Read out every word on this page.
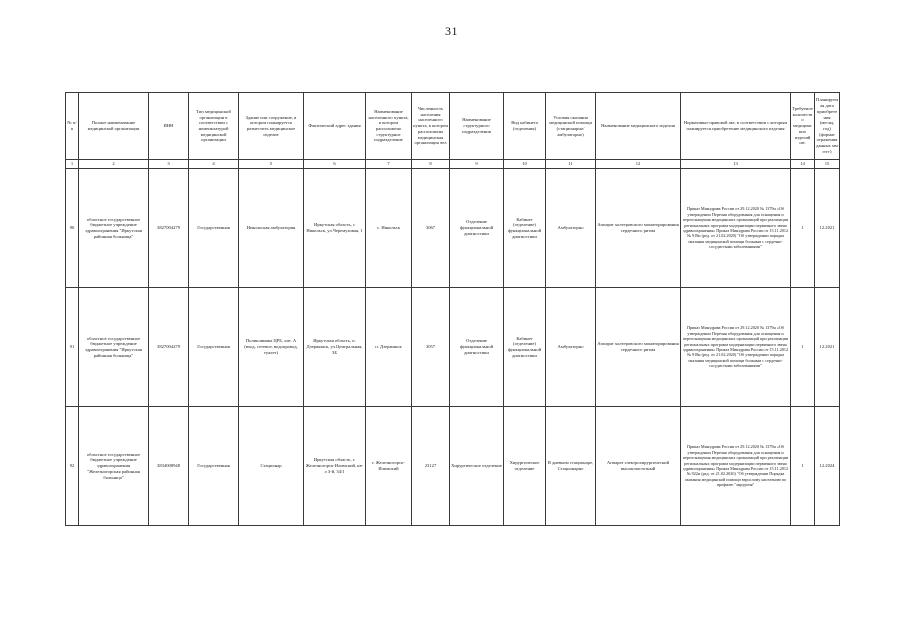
31
№ п/п	Полное наименование медицинской организации	ИНН	Тип медицинской организации в соответствии с номенклатурой медицинской организации	Здание или сооружение, в котором планируется разместить медицинское изделие	Фактический адрес здания	Наименование населенного пункта, в котором расположено структурное подразделение	Численность населения населенного пункта, в котором расположена медицинская организация чел	Наименование структурного подразделения	Вид кабинета (отделения)	Условия оказания медицинской помощи (стационарно/амбулаторно)	Наименование медицинского изделия	Нормативно-правовой акт, в соответствии с которым планируется приобретение медицинского изделия	Требуемое количество медицинских изделий шт.	Планируемая дата приобретения (месяц, год) (формат отражения данных мм гггг)
1	2	3	4	5	6	7	8	9	10	11	12	13	14	15
90	областное государственное бюджетное учреждение здравоохранения "Иркутская районная больница"	3827004279	Государственная	Никольская амбулатория	Иркутская область, с Никольск, ул.Черемуховая, 1	с. Никольск	3067	Отделение функциональной диагностики	Кабинет (отделение) функциональной диагностики	Амбулаторно	Аппарат холтеровского мониторирования сердечного ритма	Приказ Минздрава России от 29.12.2020 № 1379н «Об утверждении Перечня оборудования для оснащения и переоснащения медицинских организаций при реализации региональных программ модернизации первичного звена здравоохранения» Приказ Минздрава России от 15.11.2012 № 918н (ред. от 21.02.2020) "Об утверждении порядка оказания медицинской помощи больным с сердечно-сосудистыми заболеваниями"	1	12.2021
91	областное государственное бюджетное учреждение здравоохранения "Иркутская районная больница"	3827004279	Государственная	Поликлиника ЦРБ, лит. А (вход, сетевое, водопровод, туалет)	Иркутская область, п. Дзержинск, ул.Центральная, 3Б	п. Дзержинск	3057	Отделение функциональной диагностики	Кабинет (отделение) функциональной диагностики	Амбулаторно	Аппарат холтеровского мониторирования сердечного ритма	Приказ Минздрава России от 29.12.2020 № 1379н «Об утверждении Перечня оборудования для оснащения и переоснащения медицинских организаций при реализации региональных программ модернизации первичного звена здравоохранения» Приказ Минздрава России от 15.11.2012 № 918н (ред. от 21.02.2020) "Об утверждении порядка оказания медицинской помощи больным с сердечно-сосудистыми заболеваниями"	1	12.2021
92	областное государственное бюджетное учреждение здравоохранения "Железногорская районная больница"	3834008948	Государственная	Стационар	Иркутская область, г. Железногорск-Илимский, кв-л 3-й, 34/1	г. Железногорск-Илимский	23127	Хирургическое отделение	Хирургическое отделение	В дневном стационаре, Стационарно	Аппарат электрохирургический высокочастотный	Приказ Минздрава России от 29.12.2020 № 1379н «Об утверждении Перечня оборудования для оснащения и переоснащения медицинских организаций при реализации региональных программ модернизации первичного звена здравоохранения» Приказ Минздрава России от 15.11.2012 № 922н (ред. от 21.02.2020) "Об утверждении Порядка оказания медицинской помощи взрослому населению по профилю "хирургия"	1	12.2024
